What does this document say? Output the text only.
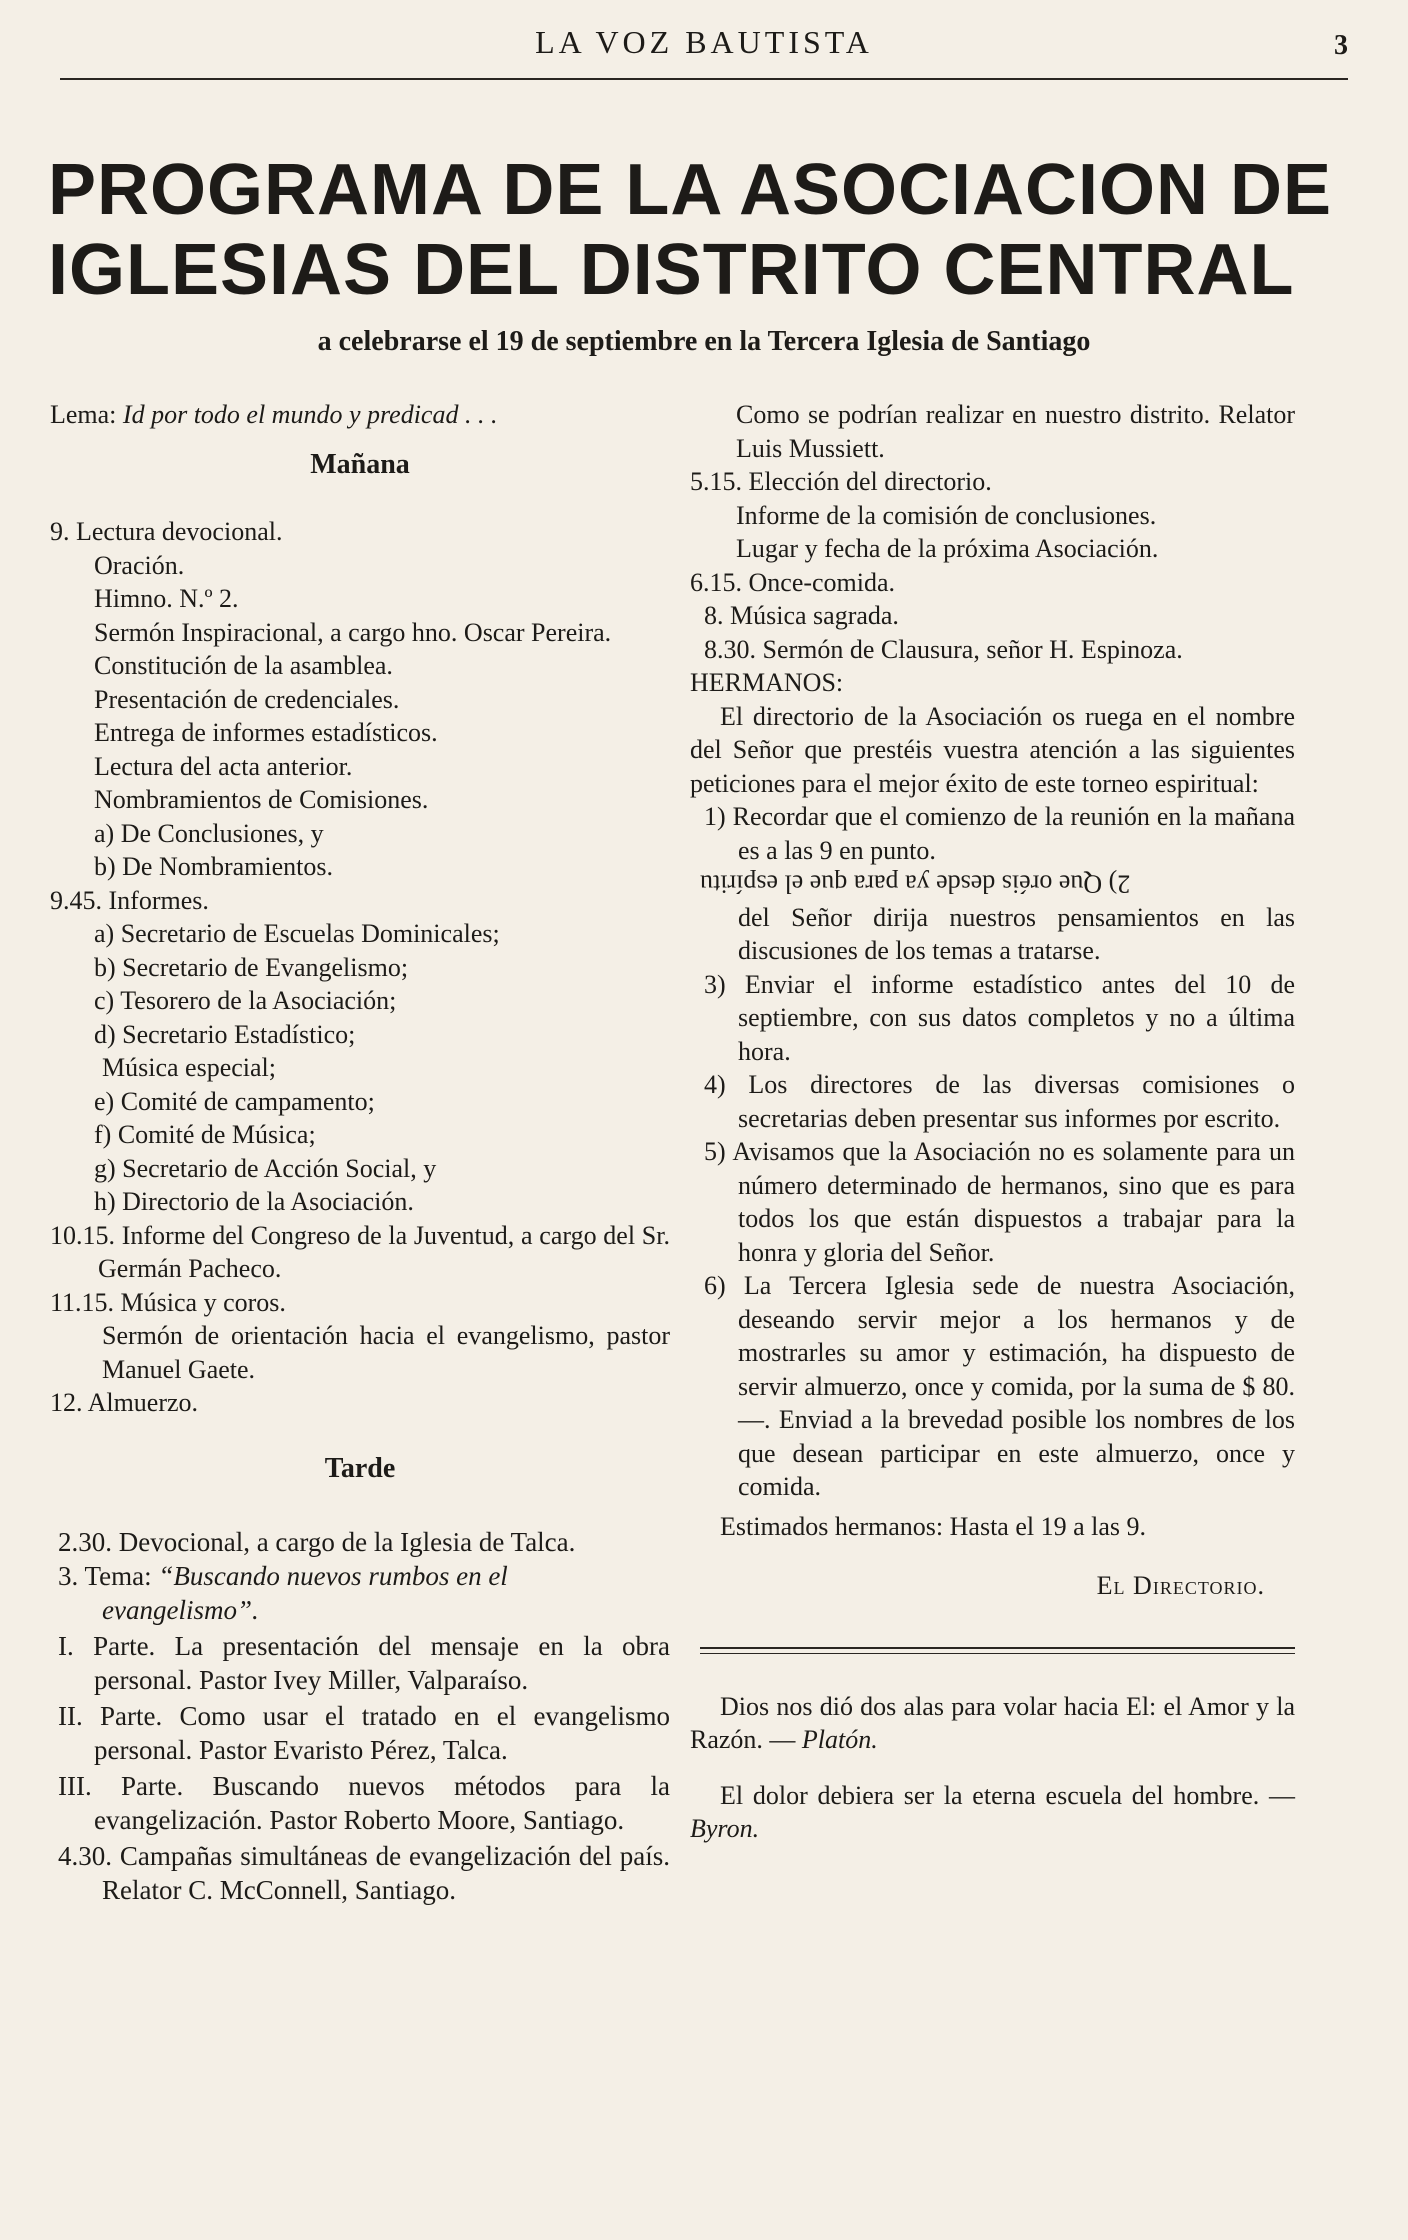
LA VOZ BAUTISTA	3
PROGRAMA DE LA ASOCIACION DE
IGLESIAS DEL DISTRITO CENTRAL
a celebrarse el 19 de septiembre en la Tercera Iglesia de Santiago

Lema: Id por todo el mundo y predicad . . .

Mañana

9. Lectura devocional.

Oración.

Himno. N.º 2.

Sermón Inspiracional, a cargo hno. Oscar Pereira.

Constitución de la asamblea.

Presentación de credenciales.

Entrega de informes estadísticos.

Lectura del acta anterior.

Nombramientos de Comisiones.

a) De Conclusiones, y

b) De Nombramientos.

9.45. Informes.

a) Secretario de Escuelas Dominicales;

b) Secretario de Evangelismo;

c) Tesorero de la Asociación;

d) Secretario Estadístico;

Música especial;

e) Comité de campamento;

f) Comité de Música;

g) Secretario de Acción Social, y

h) Directorio de la Asociación.

10.15. Informe del Congreso de la Juventud, a cargo del Sr. Germán Pacheco.

11.15. Música y coros.

Sermón de orientación hacia el evangelismo, pastor Manuel Gaete.

12. Almuerzo.

Tarde

2.30. Devocional, a cargo de la Iglesia de Talca.

3. Tema: “Buscando nuevos rumbos en el evangelismo”.

I. Parte. La presentación del mensaje en la obra personal. Pastor Ivey Miller, Valparaíso.

II. Parte. Como usar el tratado en el evangelismo personal. Pastor Evaristo Pérez, Talca.

III. Parte. Buscando nuevos métodos para la evangelización. Pastor Roberto Moore, Santiago.

4.30. Campañas simultáneas de evangelización del país. Relator C. McConnell, Santiago.

Como se podrían realizar en nuestro distrito. Relator Luis Mussiett.

5.15. Elección del directorio.

Informe de la comisión de conclusiones.

Lugar y fecha de la próxima Asociación.

6.15. Once-comida.

8. Música sagrada.

8.30. Sermón de Clausura, señor H. Espinoza.

HERMANOS:

El directorio de la Asociación os ruega en el nombre del Señor que prestéis vuestra atención a las siguientes peticiones para el mejor éxito de este torneo espiritual:

1) Recordar que el comienzo de la reunión en la mañana es a las 9 en punto.

2) Que oréis desde ya para que el espíritu

del Señor dirija nuestros pensamientos en las discusiones de los temas a tratarse.

3) Enviar el informe estadístico antes del 10 de septiembre, con sus datos completos y no a última hora.

4) Los directores de las diversas comisiones o secretarias deben presentar sus informes por escrito.

5) Avisamos que la Asociación no es solamente para un número determinado de hermanos, sino que es para todos los que están dispuestos a trabajar para la honra y gloria del Señor.

6) La Tercera Iglesia sede de nuestra Asociación, deseando servir mejor a los hermanos y de mostrarles su amor y estimación, ha dispuesto de servir almuerzo, once y comida, por la suma de $ 80.—. Enviad a la brevedad posible los nombres de los que desean participar en este almuerzo, once y comida.

Estimados hermanos: Hasta el 19 a las 9.

El Directorio.

Dios nos dió dos alas para volar hacia El: el Amor y la Razón. — Platón.

El dolor debiera ser la eterna escuela del hombre. — Byron.
